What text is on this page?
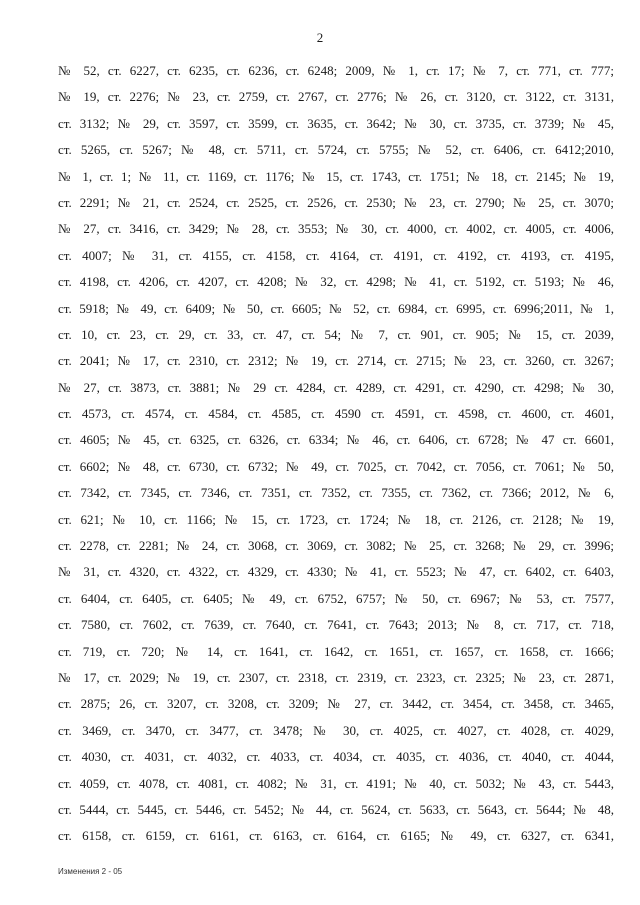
2
№ 52, ст. 6227, ст. 6235, ст. 6236, ст. 6248; 2009, № 1, ст. 17; № 7, ст. 771, ст. 777;
№ 19, ст. 2276; № 23, ст. 2759, ст. 2767, ст. 2776; № 26, ст. 3120, ст. 3122, ст. 3131,
ст. 3132; № 29, ст. 3597, ст. 3599, ст. 3635, ст. 3642; № 30, ст. 3735, ст. 3739; № 45,
ст. 5265, ст. 5267; № 48, ст. 5711, ст. 5724, ст. 5755; № 52, ст. 6406, ст. 6412;2010,
№ 1, ст. 1; № 11, ст. 1169, ст. 1176; № 15, ст. 1743, ст. 1751; № 18, ст. 2145; № 19,
ст. 2291; № 21, ст. 2524, ст. 2525, ст. 2526, ст. 2530; № 23, ст. 2790; № 25, ст. 3070;
№ 27, ст. 3416, ст. 3429; № 28, ст. 3553; № 30, ст. 4000, ст. 4002, ст. 4005, ст. 4006,
ст. 4007; № 31, ст. 4155, ст. 4158, ст. 4164, ст. 4191, ст. 4192, ст. 4193, ст. 4195,
ст. 4198, ст. 4206, ст. 4207, ст. 4208; № 32, ст. 4298; № 41, ст. 5192, ст. 5193; № 46,
ст. 5918; № 49, ст. 6409; № 50, ст. 6605; № 52, ст. 6984, ст. 6995, ст. 6996;2011, № 1,
ст. 10, ст. 23, ст. 29, ст. 33, ст. 47, ст. 54; № 7, ст. 901, ст. 905; № 15, ст. 2039,
ст. 2041; № 17, ст. 2310, ст. 2312; № 19, ст. 2714, ст. 2715; № 23, ст. 3260, ст. 3267;
№ 27, ст. 3873, ст. 3881; № 29 ст. 4284, ст. 4289, ст. 4291, ст. 4290, ст. 4298; № 30,
ст. 4573, ст. 4574, ст. 4584, ст. 4585, ст. 4590 ст. 4591, ст. 4598, ст. 4600, ст. 4601,
ст. 4605; № 45, ст. 6325, ст. 6326, ст. 6334; № 46, ст. 6406, ст. 6728; № 47 ст. 6601,
ст. 6602; № 48, ст. 6730, ст. 6732; № 49, ст. 7025, ст. 7042, ст. 7056, ст. 7061; № 50,
ст. 7342, ст. 7345, ст. 7346, ст. 7351, ст. 7352, ст. 7355, ст. 7362, ст. 7366; 2012, № 6,
ст. 621; № 10, ст. 1166; № 15, ст. 1723, ст. 1724; № 18, ст. 2126, ст. 2128; № 19,
ст. 2278, ст. 2281; № 24, ст. 3068, ст. 3069, ст. 3082; № 25, ст. 3268; № 29, ст. 3996;
№ 31, ст. 4320, ст. 4322, ст. 4329, ст. 4330; № 41, ст. 5523; № 47, ст. 6402, ст. 6403,
ст. 6404, ст. 6405, ст. 6405; № 49, ст. 6752, 6757; № 50, ст. 6967; № 53, ст. 7577,
ст. 7580, ст. 7602, ст. 7639, ст. 7640, ст. 7641, ст. 7643; 2013; № 8, ст. 717, ст. 718,
ст. 719, ст. 720; № 14, ст. 1641, ст. 1642, ст. 1651, ст. 1657, ст. 1658, ст. 1666;
№ 17, ст. 2029; № 19, ст. 2307, ст. 2318, ст. 2319, ст. 2323, ст. 2325; № 23, ст. 2871,
ст. 2875; 26, ст. 3207, ст. 3208, ст. 3209; № 27, ст. 3442, ст. 3454, ст. 3458, ст. 3465,
ст. 3469, ст. 3470, ст. 3477, ст. 3478; № 30, ст. 4025, ст. 4027, ст. 4028, ст. 4029,
ст. 4030, ст. 4031, ст. 4032, ст. 4033, ст. 4034, ст. 4035, ст. 4036, ст. 4040, ст. 4044,
ст. 4059, ст. 4078, ст. 4081, ст. 4082; № 31, ст. 4191; № 40, ст. 5032; № 43, ст. 5443,
ст. 5444, ст. 5445, ст. 5446, ст. 5452; № 44, ст. 5624, ст. 5633, ст. 5643, ст. 5644; № 48,
ст. 6158, ст. 6159, ст. 6161, ст. 6163, ст. 6164, ст. 6165; № 49, ст. 6327, ст. 6341,
Изменения 2 - 05
